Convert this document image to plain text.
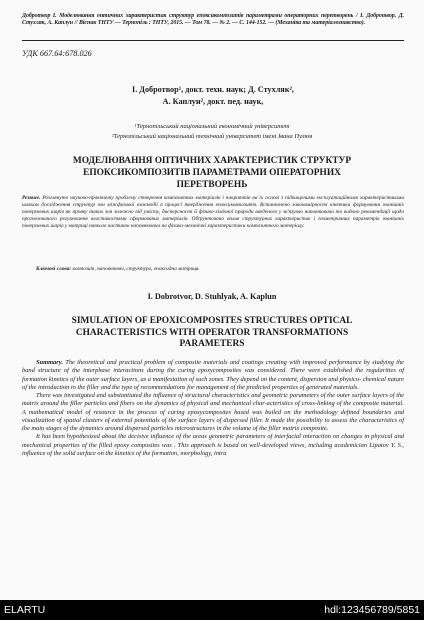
Добротвор І. Моделювання оптичних характеристик структур епоксикомпозитів параметрами операторних перетворень / І. Добротвор, Д. Стухляк, А. Каплун // Вісник ТНТУ — Тернопіль : ТНТУ, 2015. — Том 78. — № 2. — С. 144-152. — (Механіка та матеріалознавство).
УДК 667.64:678.026
І. Добротвор¹, докт. техн. наук; Д. Стухляк²,
А. Каплун², докт. пед. наук,
¹Тернопільський національний економічний університет
²Тернопільський національний технічний університет імені Івана Пулюя
МОДЕЛЮВАННЯ ОПТИЧНИХ ХАРАКТЕРИСТИК СТРУКТУР
ЕПОКСИКОМПОЗИТІВ ПАРАМЕТРАМИ ОПЕРАТОРНИХ
ПЕРЕТВОРЕНЬ
Резюме. Розглянуто науково-практичну проблему створення композитних матеріалів і покриттів на їх основі з підвищеними експлуатаційними характеристиками шляхом дослідження структур зон міжфазової взаємодії в процесі твердження епоксикомпозитів. Встановлено закономірності кінетики формування зовнішніх поверхневих шарів як прояву таких зон залежно від умісту, дисперсності й фізико-хімічної природи введеного у зв'язувач наповнювача та видано рекомендації щодо прогнозованого регулювання властивостями сформованих матеріалів. Обґрунтовано вплив структурних характеристик і геометричних параметрів зовнішніх поверхневих шарів у матриці навколо частинок наповнювача на фізико-механічні характеристики композитного матеріалу.
Ключові слова: композит, наповнювач, структура, епоксидна матриця.
I. Dobrotvor, D. Stuhlyak, A. Kaplun
SIMULATION OF EPOXICOMPOSITES STRUCTURES OPTICAL
CHARACTERISTICS WITH OPERATOR TRANSFORMATIONS
PARAMETERS

Summary. The theoretical and practical problem of composite materials and coatings creating with improved performance by studying the band structure of the interphase interactions during the curing epoxycomposites was considered. There were established the regularities of formation kinetics of the outer surface layers, as a manifestation of such zones. They depend on the content, dispersion and physico- chemical nature of the introduction in the filler and the type of recommendations for management of the predicted properties of generated materials.

There was investigated and substantiated the influence of structural characteristics and geometric parameters of the outer surface layers of the matrix around the filler particles and fibers on the dynamics of physical and mechanical char-acteristics of cross-linking of the composite material. A mathematical model of resource in the process of curing epoxycomposites based was builed on the methodology defined boundaries and visualization of spatial clusters of external potentials of the surface layers of dispersed filler. It made the possibility to assess the characteristics of the main stages of the dynamics around dispersed particles microstructures in the volume of the filler matrix composite.

It has been hypothesized about the decisive influence of the areas geometric parameters of interfacial interaction on changes in physical and mechanical properties of the filled epoxy composites was . This approach is based on well-developed views, including academician Lipatov Y. S., influence of the solid surface on the kinetics of the formation, morphology, intra

ELARTU	hdl:123456789/5851
